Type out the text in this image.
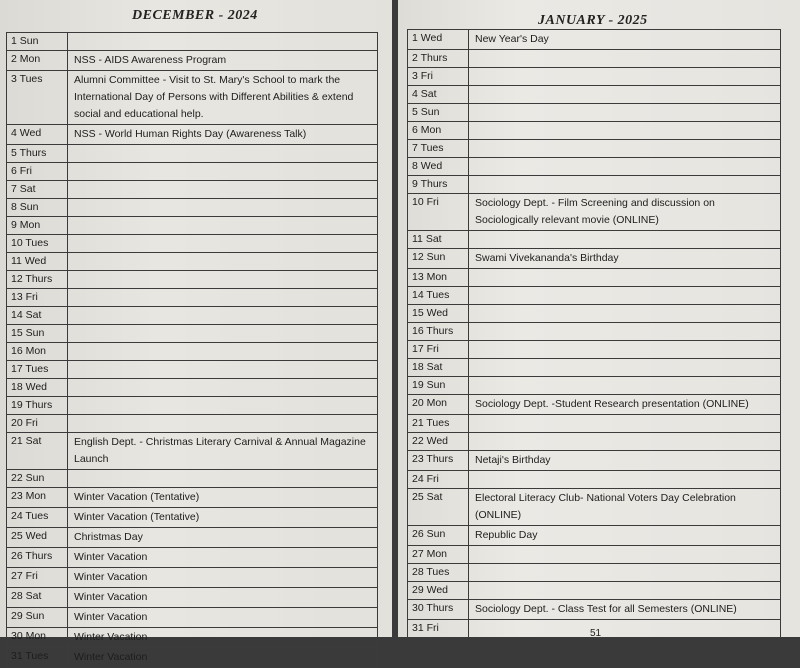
DECEMBER - 2024
1 Sun	
2 Mon	NSS - AIDS Awareness Program
3 Tues	Alumni Committee - Visit to St. Mary's School to mark the International Day of Persons with Different Abilities & extend social and educational help.
4 Wed	NSS - World Human Rights Day (Awareness Talk)
5 Thurs	
6 Fri	
7 Sat	
8 Sun	
9 Mon	
10 Tues	
11 Wed	
12 Thurs	
13 Fri	
14 Sat	
15 Sun	
16 Mon	
17 Tues	
18 Wed	
19 Thurs	
20 Fri	
21 Sat	English Dept. - Christmas Literary Carnival & Annual Magazine Launch
22 Sun	
23 Mon	Winter Vacation (Tentative)
24 Tues	Winter Vacation (Tentative)
25 Wed	Christmas Day
26 Thurs	Winter Vacation
27 Fri	Winter Vacation
28 Sat	Winter Vacation
29 Sun	Winter Vacation
30 Mon	Winter Vacation
31 Tues	Winter Vacation
JANUARY - 2025
1 Wed	New Year's Day
2 Thurs	
3 Fri	
4 Sat	
5 Sun	
6 Mon	
7 Tues	
8 Wed	
9 Thurs	
10 Fri	Sociology Dept. - Film Screening and discussion on Sociologically relevant movie (ONLINE)
11 Sat	
12 Sun	Swami Vivekananda's Birthday
13 Mon	
14 Tues	
15 Wed	
16 Thurs	
17 Fri	
18 Sat	
19 Sun	
20 Mon	Sociology Dept. -Student Research presentation (ONLINE)
21 Tues	
22 Wed	
23 Thurs	Netaji's Birthday
24 Fri	
25 Sat	Electoral Literacy Club- National Voters Day Celebration (ONLINE)
26 Sun	Republic Day
27 Mon	
28 Tues	
29 Wed	
30 Thurs	Sociology Dept. - Class Test for all Semesters (ONLINE)
31 Fri		51
